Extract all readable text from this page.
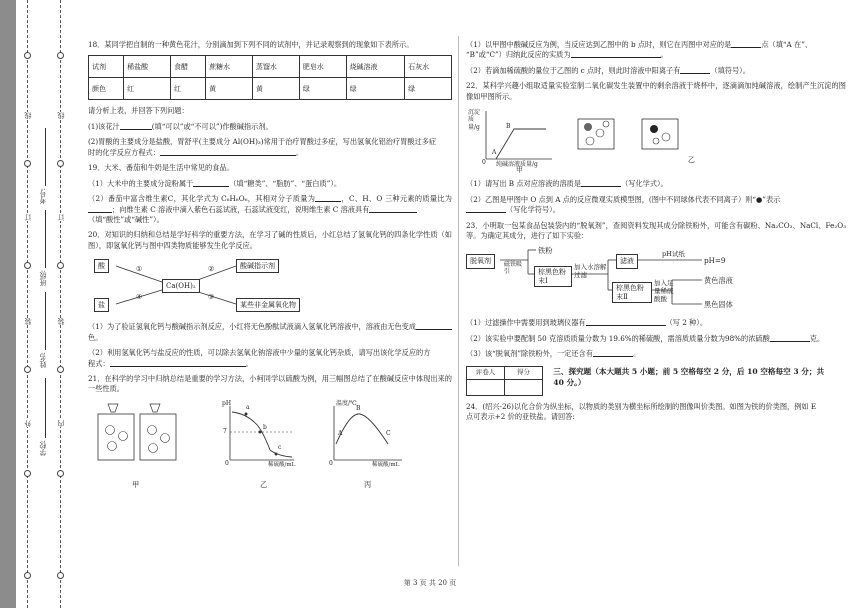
线
订
装
外
线
订
装
内
学校:
姓名:
班级:
考号:

18．某同学把自制的一种黄色花汁，分别滴加到下列不同的试剂中，并记录观察到的现象如下表所示。

试剂	稀盐酸	食醋	蔗糖水	蒸馏水	肥皂水	烧碱溶液	石灰水
颜色	红	红	黄	黄	绿	绿	绿

请分析上表，并回答下列问题：

(1)该花汁	(填“可以”或“不可以”)作酸碱指示剂。

(2)胃酸的主要成分是盐酸，胃舒平(主要成分 Al(OH)₃)常用于治疗胃酸过多症，写出氢氧化铝治疗胃酸过多症
时的化学反应方程式：	。

19．大米、番茄和牛奶是生活中常见的食品。

（1）大米中的主要成分淀粉属于	（填“糖类”、“脂肪”、“蛋白质”）。

（2）番茄中富含维生素C，其化学式为 C₆H₈O₆，其相对分子质量为	，C、H、O 三种元素的质量比为；向维生素 C 溶液中滴入紫色石蕊试液，石蕊试液变红，说明维生素 C 溶液具有
（填“酸性”或“碱性”）。

20．对知识的归纳和总结是学好科学的重要方法，在学习了碱的性质后，小红总结了氢氧化钙的四条化学性质（如图），即氢氧化钙与图中四类物质能够发生化学反应。

酸
盐
Ca(OH)₂
酸碱指示剂
某些非金属氧化物
①
④
②
③

（1）为了验证氢氧化钙与酸碱指示剂反应，小红将无色酚酞试液滴入氢氧化钙溶液中，溶液由无色变成色。

（2）利用氢氧化钙与盐反应的性质，可以除去氢氧化钠溶液中少量的氢氧化钙杂质，请写出该化学反应的方
程式：	。

21．在科学的学习中归纳总结是重要的学习方法，小柯同学以硫酸为例，用三幅图总结了在酸碱反应中体现出来的一些性质。

pH
7
0
a
b
c
稀硫酸/mL
温度/℃
A
B
C
0	稀硫酸/mL
甲	乙	丙

（1）以甲图中酸碱反应为例，当反应达到乙图中的 b 点时，则它在丙图中对应的是	点（填“A 在”、
“B”或“C”）归纳此反应的实质为	。

（2）若滴加稀硫酸的量位于乙图的 c 点时，则此时溶液中阳离子有	（填符号）。

22．某科学兴趣小组取适量实验室制二氧化碳发生装置中的剩余溶液于烧杯中，逐滴滴加纯碱溶液，绘制产生沉淀的图像如甲图所示。

沉淀质量/g
0
A
B
纯碱溶液质量/g
甲
乙

（1）请写出 B 点对应溶液的溶质是	（写化学式）。

（2）乙图是甲图中 O 点到 A 点的反应微观实质模型图，(图中不同球体代表不同离子）则“●”表示
（写化学符号）。

23．小明取一包某食品包装袋内的“脱氧剂”，查阅资料发现其成分除铁粉外，可能含有碳粉、Na₂CO₃、NaCl、Fe₂O₃ 等。为确定其成分，进行了如下实验：

脱氧剂	磁铁吸引
铁粉
棕黑色粉末Ⅰ
加入水溶解过滤
滤液
pH试纸
pH=9
棕黑色粉末Ⅱ
加入足量稀硫酸酸
黄色溶液
黑色固体

（1）过滤操作中需要用到玻璃仪器有	（写 2 种）。

（2）该实验中要配制 50 克溶质质量分数为 19.6%的稀硫酸，需溶质质量分数为98%的浓硫酸	克。

（3）该“脱氧剂”除铁粉外，一定还含有	。

评卷人	得分
		三、探究题（本大题共 5 小题；前 5 空格每空 2 分，后 10 空格每空 3 分；共 40 分。）

24．(绍兴-26)以化合价为纵坐标，以物质的类别为横坐标所绘制的图像叫价类图。如图为铁的价类图，例如 E
点可表示+2 价的亚铁盐。请回答:

第 3 页 共 20 页
